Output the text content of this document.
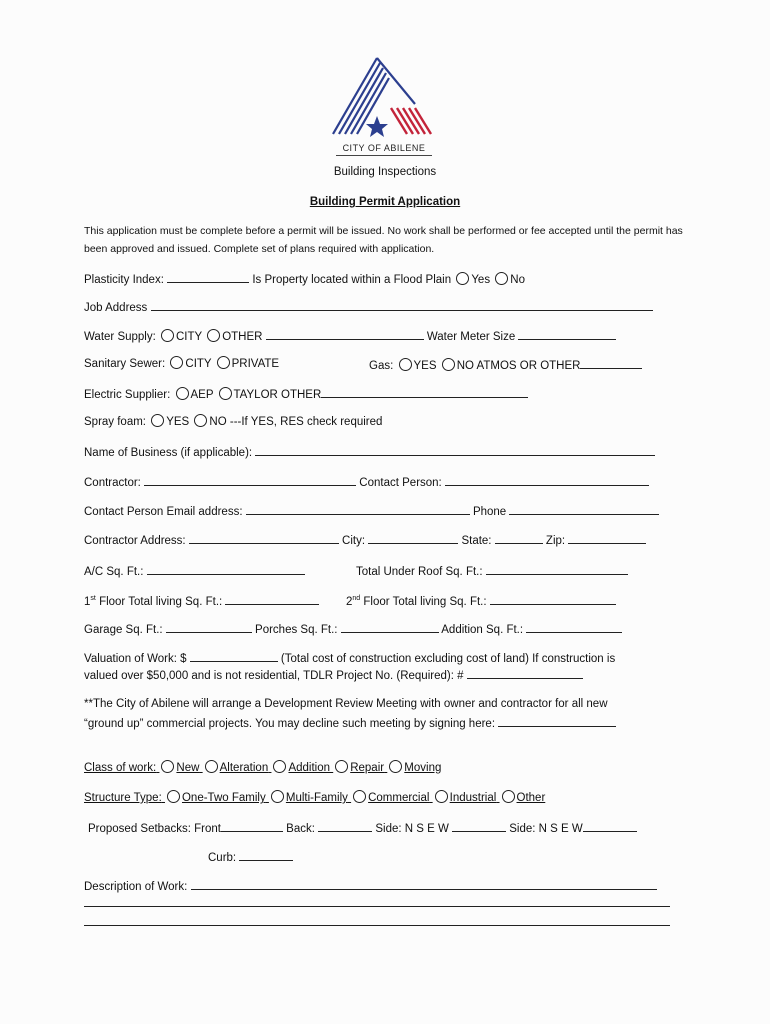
CITY OF ABILENE
Building Inspections
Building Permit Application
This application must be complete before a permit will be issued. No work shall be performed or fee accepted until the permit has been approved and issued. Complete set of plans required with application.
Plasticity Index:	Is Property located within a Flood Plain Yes No
Job Address
Water Supply: CITY OTHER	Water Meter Size
Sanitary Sewer: CITY PRIVATE	Gas: YES NO ATMOS OR OTHER
Electric Supplier: AEP TAYLOR OTHER
Spray foam: YES NO ---If YES, RES check required
Name of Business (if applicable):
Contractor:	Contact Person:
Contact Person Email address:	Phone
Contractor Address:	City:	State:	Zip:
A/C Sq. Ft.:	Total Under Roof Sq. Ft.:
1st Floor Total living Sq. Ft.:	2nd Floor Total living Sq. Ft.:
Garage Sq. Ft.:	Porches Sq. Ft.:	Addition Sq. Ft.:
Valuation of Work: $	(Total cost of construction excluding cost of land) If construction is
valued over $50,000 and is not residential, TDLR Project No. (Required): #
**The City of Abilene will arrange a Development Review Meeting with owner and contractor for all new
“ground up” commercial projects. You may decline such meeting by signing here:
Class of work: New Alteration Addition Repair Moving
Structure Type: One-Two Family Multi-Family Commercial Industrial Other
Proposed Setbacks: Front	Back:	Side: N S E W	Side: N S E W
Curb:
Description of Work:
